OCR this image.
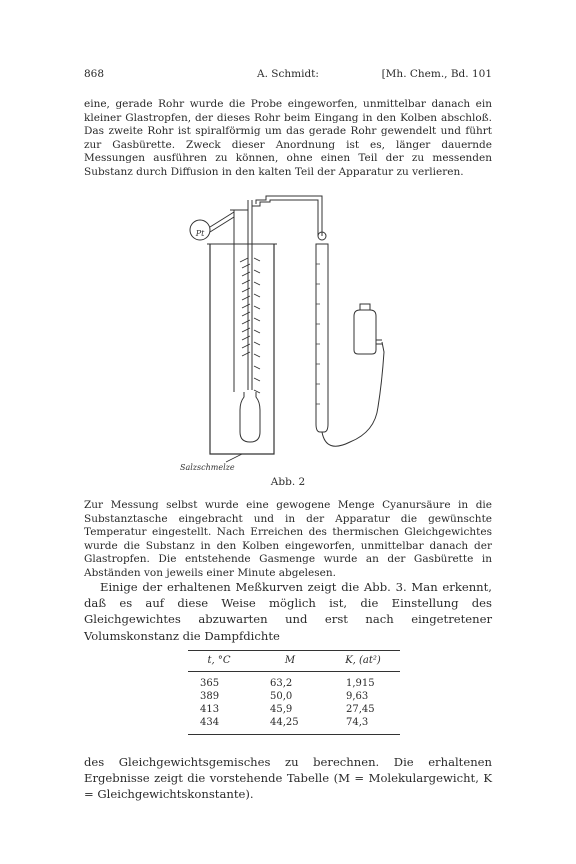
868	A. Schmidt:	[Mh. Chem., Bd. 101

eine, gerade Rohr wurde die Probe eingeworfen, unmittelbar danach ein kleiner Glastropfen, der dieses Rohr beim Eingang in den Kolben abschloß. Das zweite Rohr ist spiralförmig um das gerade Rohr gewendelt und führt zur Gasbürette. Zweck dieser Anordnung ist es, länger dauernde Messungen ausführen zu können, ohne einen Teil der zu messenden Substanz durch Diffusion in den kalten Teil der Apparatur zu verlieren.

Pt
Salzschmelze
Abb. 2

Zur Messung selbst wurde eine gewogene Menge Cyanursäure in die Substanztasche eingebracht und in der Apparatur die gewünschte Temperatur eingestellt. Nach Erreichen des thermischen Gleichgewichtes wurde die Substanz in den Kolben eingeworfen, unmittelbar danach der Glastropfen. Die entstehende Gasmenge wurde an der Gasbürette in Abständen von jeweils einer Minute abgelesen.

Einige der erhaltenen Meßkurven zeigt die Abb. 3. Man erkennt, daß es auf diese Weise möglich ist, die Einstellung des Gleichgewichtes abzuwarten und erst nach eingetretener Volumskonstanz die Dampfdichte

t, °C	M	K, (at²)
365	63,2	1,915
389	50,0	9,63
413	45,9	27,45
434	44,25	74,3

des Gleichgewichtsgemisches zu berechnen. Die erhaltenen Ergebnisse zeigt die vorstehende Tabelle (M = Molekulargewicht, K = Gleichgewichtskonstante).
